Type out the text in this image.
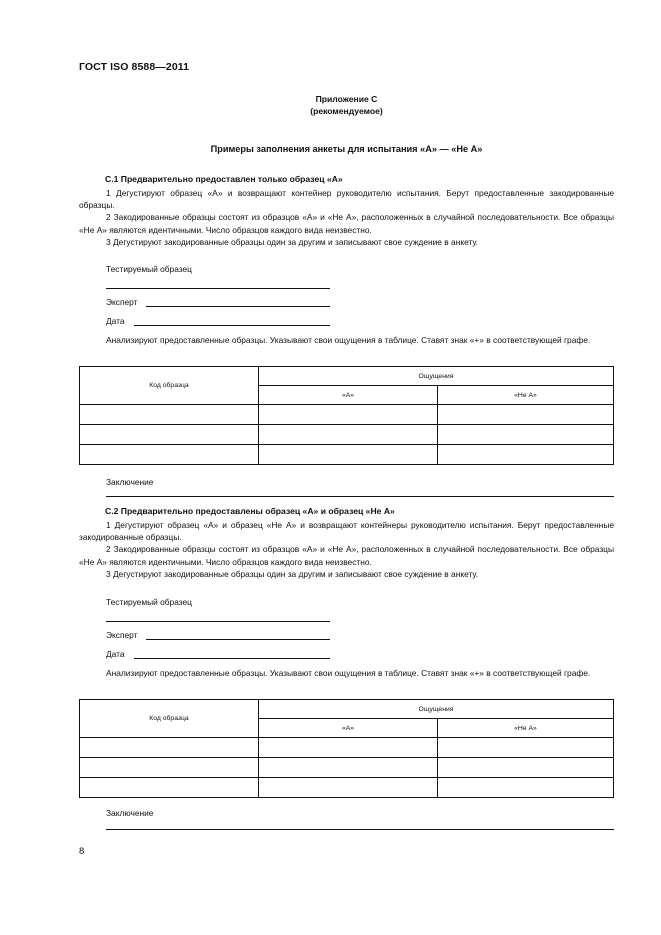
ГОСТ ISO 8588—2011
Приложение С
(рекомендуемое)
Примеры заполнения анкеты для испытания «А» — «Не А»
С.1 Предварительно предоставлен только образец «А»
1 Дегустируют образец «А» и возвращают контейнер руководителю испытания. Берут предоставленные закодированные образцы.
2 Закодированные образцы состоят из образцов «А» и «Не А», расположенных в случайной последовательности. Все образцы «Не А» являются идентичными. Число образцов каждого вида неизвестно.
3 Дегустируют закодированные образцы один за другим и записывают свое суждение в анкету.
Тестируемый образец
Эксперт
Дата
Анализируют предоставленные образцы. Указывают свои ощущения в таблице. Ставят знак «+» в соответствующей графе.
Код образца	Ощущения	
	«А»	«Не А»

Заключение
С.2 Предварительно предоставлены образец «А» и образец «Не А»
1 Дегустируют образец «А» и образец «Не А» и возвращают контейнеры руководителю испытания. Берут предоставленные закодированные образцы.
2 Закодированные образцы состоят из образцов «А» и «Не А», расположенных в случайной последовательности. Все образцы «Не А» являются идентичными. Число образцов каждого вида неизвестно.
3 Дегустируют закодированные образцы один за другим и записывают свое суждение в анкету.
Тестируемый образец
Эксперт
Дата
Анализируют предоставленные образцы. Указывают свои ощущения в таблице. Ставят знак «+» в соответствующей графе.
Код образца	Ощущения	
	«А»	«Не А»

Заключение
8
